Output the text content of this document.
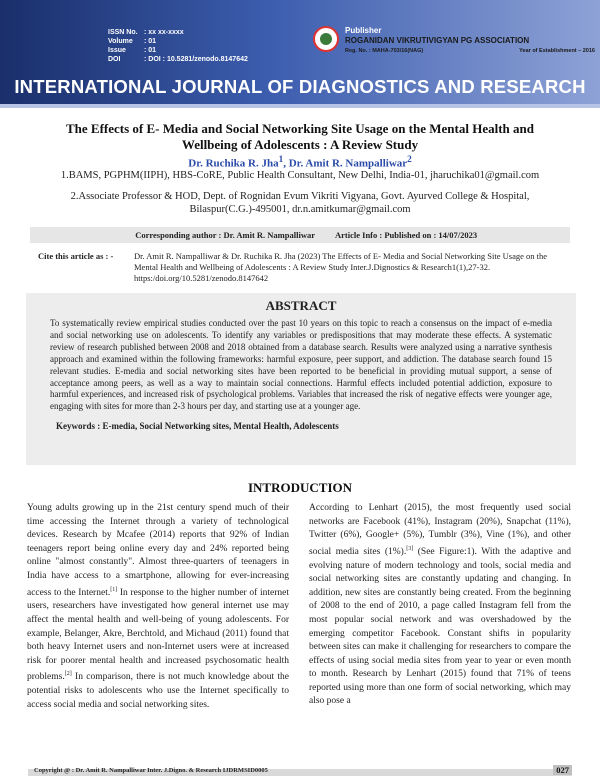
ISSN No. : xx xx-xxxx
Volume	: 01
Issue	: 01
DOI	: DOI : 10.5281/zenodo.8147642
Publisher
ROGANIDAN VIKRUTIVIGYAN PG ASSOCIATION
Reg. No. : MAHA-703/16(NAG)	Year of Establishment – 2016
INTERNATIONAL JOURNAL OF DIAGNOSTICS AND RESEARCH
The Effects of E- Media and Social Networking Site Usage on the Mental Health and
Wellbeing of Adolescents : A Review Study
Dr. Ruchika R. Jha$^1$, Dr. Amit R. Nampalliwar$^2$
1.BAMS, PGPHM(IIPH), HBS-CoRE, Public Health Consultant, New Delhi, India-01, jharuchika01@gmail.com
2.Associate Professor & HOD, Dept. of Rognidan Evum Vikriti Vigyana, Govt. Ayurved College & Hospital,
Bilaspur(C.G.)-495001, dr.n.amitkumar@gmail.com
Corresponding author : Dr. Amit R. Nampalliwar	Article Info : Published on : 14/07/2023
Cite this article as : -	Dr. Amit R. Nampalliwar & Dr. Ruchika R. Jha (2023) The Effects of E- Media and Social Networking Site Usage on the Mental Health and Wellbeing of Adolescents : A Review Study Inter.J.Dignostics & Research1(1),27-32. https:/doi.org/10.5281/zenodo.8147642
ABSTRACT
To systematically review empirical studies conducted over the past 10 years on this topic to reach a consensus on the impact of e-media and social networking use on adolescents. To identify any variables or predispositions that may moderate these effects. A systematic review of research published between 2008 and 2018 obtained from a database search. Results were analyzed using a narrative synthesis approach and examined within the following frameworks: harmful exposure, peer support, and addiction. The database search found 15 relevant studies. E-media and social networking sites have been reported to be beneficial in providing mutual support, a sense of acceptance among peers, as well as a way to maintain social connections. Harmful effects included potential addiction, exposure to harmful experiences, and increased risk of psychological problems. Variables that increased the risk of negative effects were younger age, engaging with sites for more than 2-3 hours per day, and starting use at a younger age.
Keywords : E-media, Social Networking sites, Mental Health, Adolescents
INTRODUCTION
Young adults growing up in the 21st century spend much of their time accessing the Internet through a variety of technological devices. Research by Mcafee (2014) reports that 92% of Indian teenagers report being online every day and 24% reported being online "almost constantly". Almost three-quarters of teenagers in India have access to a smartphone, allowing for ever-increasing access to the Internet.[1] In response to the higher number of internet users, researchers have investigated how general internet use may affect the mental health and well-being of young adolescents. For example, Belanger, Akre, Berchtold, and Michaud (2011) found that both heavy Internet users and non-Internet users were at increased risk for poorer mental health and increased psychosomatic health problems.[2] In comparison, there is not much knowledge about the potential risks to adolescents who use the Internet specifically to access social media and social networking sites.
According to Lenhart (2015), the most frequently used social networks are Facebook (41%), Instagram (20%), Snapchat (11%), Twitter (6%), Google+ (5%), Tumblr (3%), Vine (1%), and other social media sites (1%).[3] (See Figure:1). With the adaptive and evolving nature of modern technology and tools, social media and social networking sites are constantly updating and changing. In addition, new sites are constantly being created. From the beginning of 2008 to the end of 2010, a page called Instagram fell from the most popular social network and was overshadowed by the emerging competitor Facebook. Constant shifts in popularity between sites can make it challenging for researchers to compare the effects of using social media sites from year to year or even month to month. Research by Lenhart (2015) found that 71% of teens reported using more than one form of social networking, which may also pose a
Copyright @ : Dr. Amit R. Nampalliwar Inter. J.Digno. & Research IJDRMSID0005	027
